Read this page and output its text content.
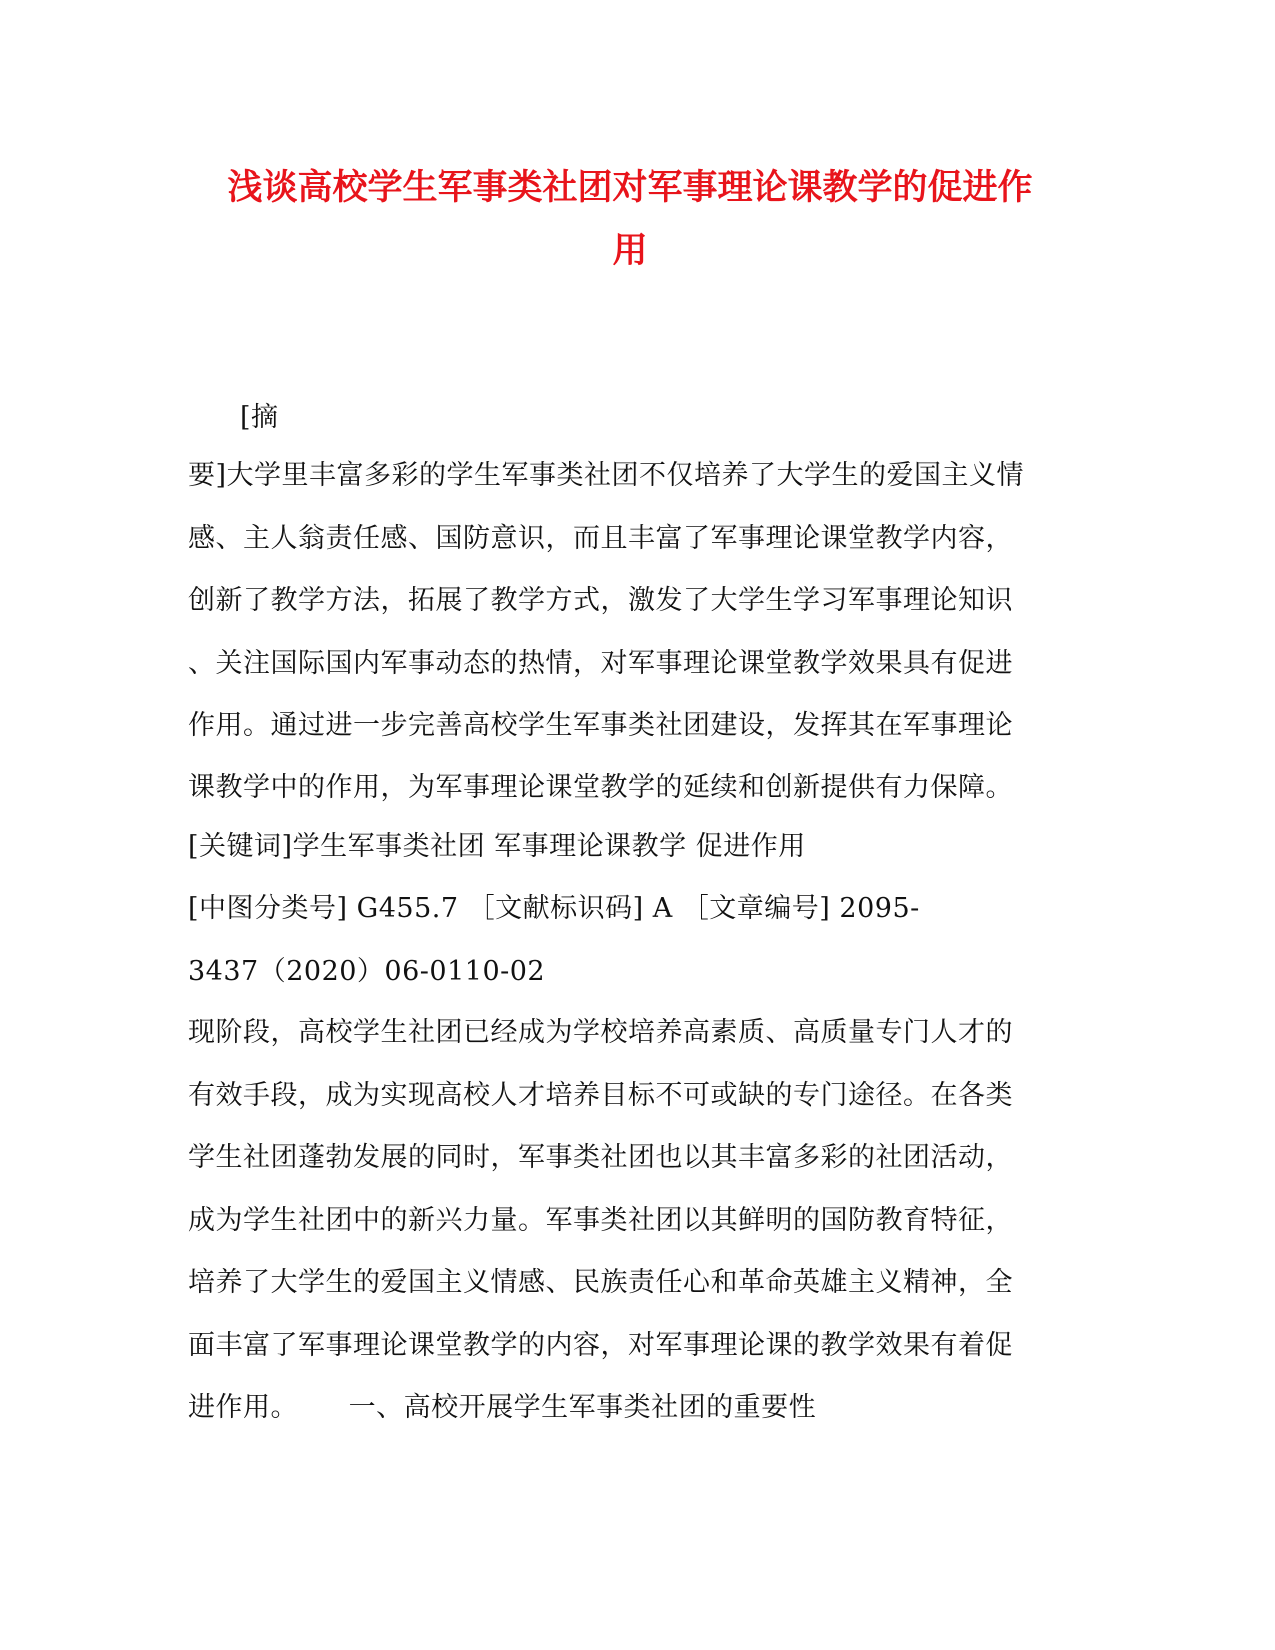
浅谈高校学生军事类社团对军事理论课教学的促进作
用
[摘
要]大学里丰富多彩的学生军事类社团不仅培养了大学生的爱国主义情
感、主人翁责任感、国防意识，而且丰富了军事理论课堂教学内容，
创新了教学方法，拓展了教学方式，激发了大学生学习军事理论知识
、关注国际国内军事动态的热情，对军事理论课堂教学效果具有促进
作用。通过进一步完善高校学生军事类社团建设，发挥其在军事理论
课教学中的作用，为军事理论课堂教学的延续和创新提供有力保障。
[关键词]学生军事类社团 军事理论课教学 促进作用
[中图分类号] G455.7 ［文献标识码] A ［文章编号] 2095-
3437（2020）06-0110-02
现阶段，高校学生社团已经成为学校培养高素质、高质量专门人才的
有效手段，成为实现高校人才培养目标不可或缺的专门途径。在各类
学生社团蓬勃发展的同时，军事类社团也以其丰富多彩的社团活动，
成为学生社团中的新兴力量。军事类社团以其鲜明的国防教育特征，
培养了大学生的爱国主义情感、民族责任心和革命英雄主义精神，全
面丰富了军事理论课堂教学的内容，对军事理论课的教学效果有着促
进作用。　　 一、高校开展学生军事类社团的重要性
